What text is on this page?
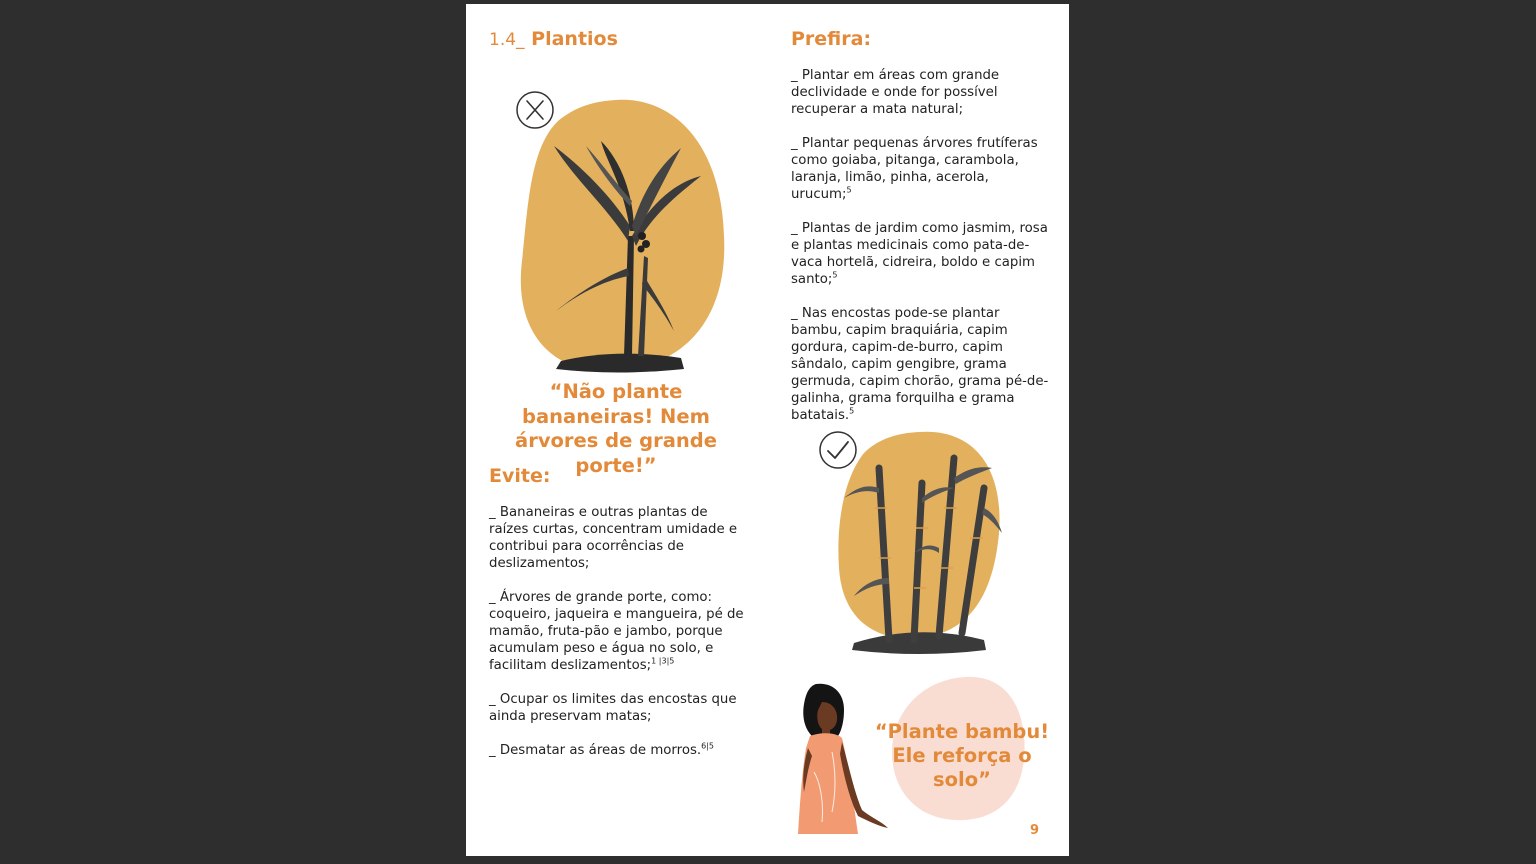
1.4_ Plantios
“Não plante bananeiras! Nem árvores de grande porte!”
Evite:

_ Bananeiras e outras plantas de raízes curtas, concentram umidade e contribui para ocorrências de deslizamentos;

_ Árvores de grande porte, como: coqueiro, jaqueira e mangueira, pé de mamão, fruta-pão e jambo, porque acumulam peso e água no solo, e facilitam deslizamentos;$^{1 |3|5}$

_ Ocupar os limites das encostas que ainda preservam matas;

_ Desmatar as áreas de morros.$^{6|5}$

Prefira:

_ Plantar em áreas com grande declividade e onde for possível recuperar a mata natural;

_ Plantar pequenas árvores frutíferas como goiaba, pitanga, carambola, laranja, limão, pinha, acerola, urucum;$^5$

_ Plantas de jardim como jasmim, rosa e plantas medicinais como pata-de-vaca hortelã, cidreira, boldo e capim santo;$^5$

_ Nas encostas pode-se plantar bambu, capim braquiária, capim gordura, capim-de-burro, capim sândalo, capim gengibre, grama germuda, capim chorão, grama pé-de-galinha, grama forquilha e grama batatais.$^5$

“Plante bambu! Ele reforça o solo”
9
